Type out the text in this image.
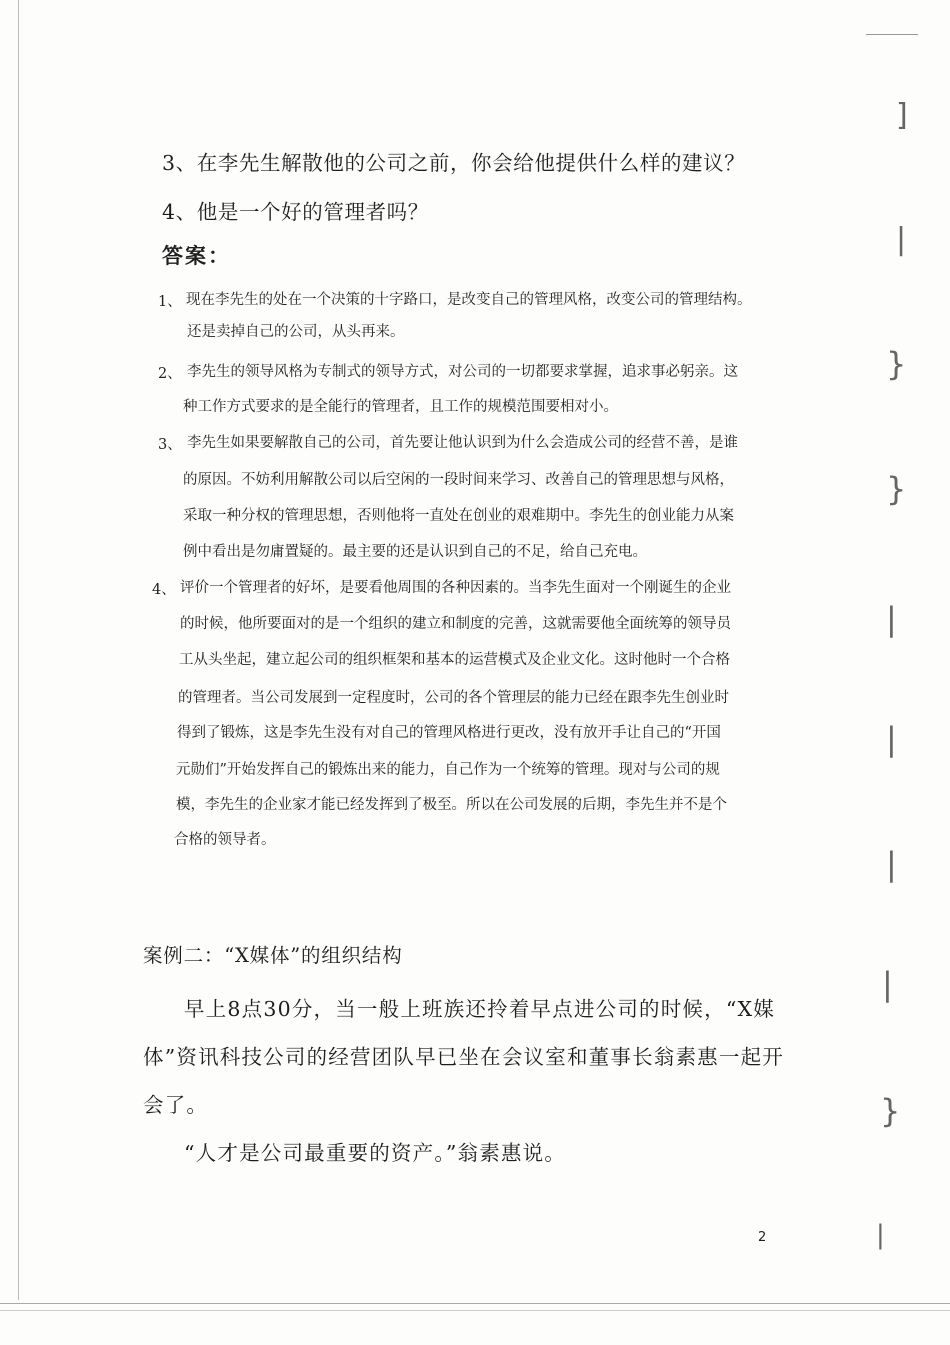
]
|
}
}
|
|
|
|
}
|
3、在李先生解散他的公司之前，你会给他提供什么样的建议？
4、他是一个好的管理者吗？
答案：
1、 现在李先生的处在一个决策的十字路口，是改变自己的管理风格，改变公司的管理结构。
还是卖掉自己的公司，从头再来。
2、 李先生的领导风格为专制式的领导方式，对公司的一切都要求掌握，追求事必躬亲。这
种工作方式要求的是全能行的管理者，且工作的规模范围要相对小。
3、 李先生如果要解散自己的公司，首先要让他认识到为什么会造成公司的经营不善，是谁
的原因。不妨利用解散公司以后空闲的一段时间来学习、改善自己的管理思想与风格，
采取一种分权的管理思想，否则他将一直处在创业的艰难期中。李先生的创业能力从案
例中看出是勿庸置疑的。最主要的还是认识到自己的不足，给自己充电。
4、 评价一个管理者的好坏，是要看他周围的各种因素的。当李先生面对一个刚诞生的企业
的时候，他所要面对的是一个组织的建立和制度的完善，这就需要他全面统筹的领导员
工从头坐起，建立起公司的组织框架和基本的运营模式及企业文化。这时他时一个合格
的管理者。当公司发展到一定程度时，公司的各个管理层的能力已经在跟李先生创业时
得到了锻炼，这是李先生没有对自己的管理风格进行更改，没有放开手让自己的“开国
元勋们”开始发挥自己的锻炼出来的能力，自己作为一个统筹的管理。现对与公司的规
模，李先生的企业家才能已经发挥到了极至。所以在公司发展的后期，李先生并不是个
合格的领导者。
案例二：“X媒体”的组织结构
早上8点30分，当一般上班族还拎着早点进公司的时候，“X媒
体”资讯科技公司的经营团队早已坐在会议室和董事长翁素惠一起开
会了。
“人才是公司最重要的资产。”翁素惠说。
2
